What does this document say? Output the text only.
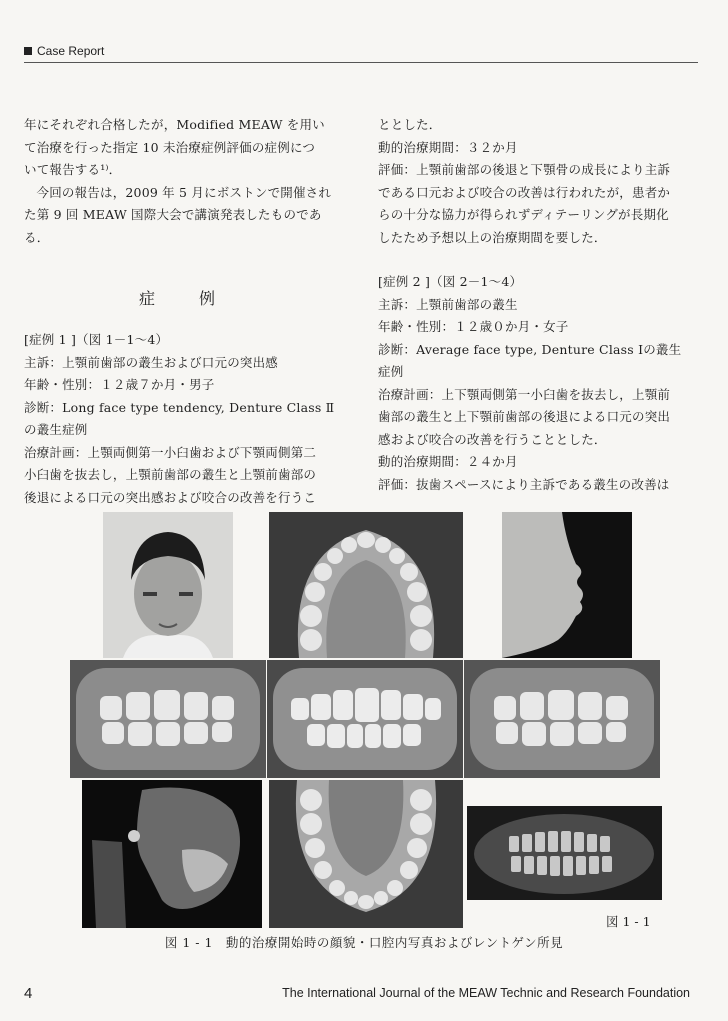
Case Report

年にそれぞれ合格したが，Modified MEAW を用い

て治療を行った指定 10 未治療症例評価の症例につ

いて報告する¹⁾．

今回の報告は，2009 年 5 月にボストンで開催され

た第 9 回 MEAW 国際大会で講演発表したものであ

る．

症　例

[症例 1 ]（図 1－1～4）

主訴：上顎前歯部の叢生および口元の突出感

年齢・性別：１２歳７か月・男子

診断：Long face type tendency, Denture Class Ⅱ

の叢生症例

治療計画：上顎両側第一小臼歯および下顎両側第二

小臼歯を抜去し，上顎前歯部の叢生と上顎前歯部の

後退による口元の突出感および咬合の改善を行うこ

ととした．

動的治療期間：３２か月

評価：上顎前歯部の後退と下顎骨の成長により主訴

である口元および咬合の改善は行われたが，患者か

らの十分な協力が得られずディテーリングが長期化

したため予想以上の治療期間を要した．

[症例 2 ]（図 2－1～4）

主訴：上顎前歯部の叢生

年齢・性別：１２歳０か月・女子

診断：Average face type, Denture Class Ⅰの叢生

症例

治療計画：上下顎両側第一小臼歯を抜去し，上顎前

歯部の叢生と上下顎前歯部の後退による口元の突出

感および咬合の改善を行うこととした．

動的治療期間：２４か月

評価：抜歯スペースにより主訴である叢生の改善は

図 1 - 1
図 1 - 1　動的治療開始時の顔貌・口腔内写真およびレントゲン所見
4	The International Journal of the MEAW Technic and Research Foundation
